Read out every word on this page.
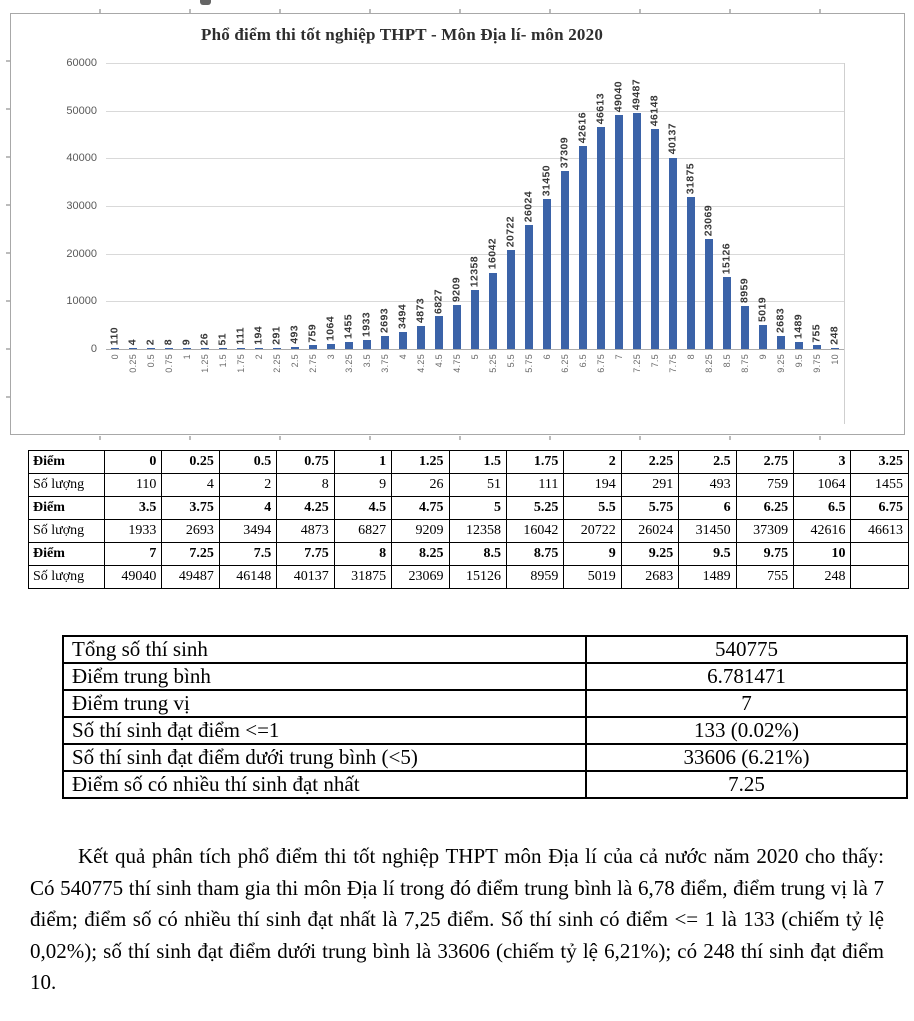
Phổ điểm thi tốt nghiệp THPT - Môn Địa lí- môn 2020
0
10000
20000
30000
40000
50000
60000
110
0
4
0.25
2
0.5
8
0.75
9
1
26
1.25
51
1.5
111
1.75
194
2
291
2.25
493
2.5
759
2.75
1064
3
1455
3.25
1933
3.5
2693
3.75
3494
4
4873
4.25
6827
4.5
9209
4.75
12358
5
16042
5.25
20722
5.5
26024
5.75
31450
6
37309
6.25
42616
6.5
46613
6.75
49040
7
49487
7.25
46148
7.5
40137
7.75
31875
8
23069
8.25
15126
8.5
8959
8.75
5019
9
2683
9.25
1489
9.5
755
9.75
248
10
Điểm	0	0.25	0.5	0.75	1	1.25	1.5	1.75	2	2.25	2.5	2.75	3	3.25
Số lượng	110	4	2	8	9	26	51	111	194	291	493	759	1064	1455
Điểm	3.5	3.75	4	4.25	4.5	4.75	5	5.25	5.5	5.75	6	6.25	6.5	6.75
Số lượng	1933	2693	3494	4873	6827	9209	12358	16042	20722	26024	31450	37309	42616	46613
Điểm	7	7.25	7.5	7.75	8	8.25	8.5	8.75	9	9.25	9.5	9.75	10	
Số lượng	49040	49487	46148	40137	31875	23069	15126	8959	5019	2683	1489	755	248	
Tổng số thí sinh	540775
Điểm trung bình	6.781471
Điểm trung vị	7
Số thí sinh đạt điểm <=1	133 (0.02%)
Số thí sinh đạt điểm dưới trung bình (<5)	33606 (6.21%)
Điểm số có nhiều thí sinh đạt nhất	7.25
Kết quả phân tích phổ điểm thi tốt nghiệp THPT môn Địa lí của cả nước năm 2020 cho thấy: Có 540775 thí sinh tham gia thi môn Địa lí trong đó điểm trung bình là 6,78 điểm, điểm trung vị là 7 điểm; điểm số có nhiều thí sinh đạt nhất là 7,25 điểm. Số thí sinh có điểm <= 1 là 133 (chiếm tỷ lệ 0,02%); số thí sinh đạt điểm dưới trung bình là 33606 (chiếm tỷ lệ 6,21%); có 248 thí sinh đạt điểm 10.
